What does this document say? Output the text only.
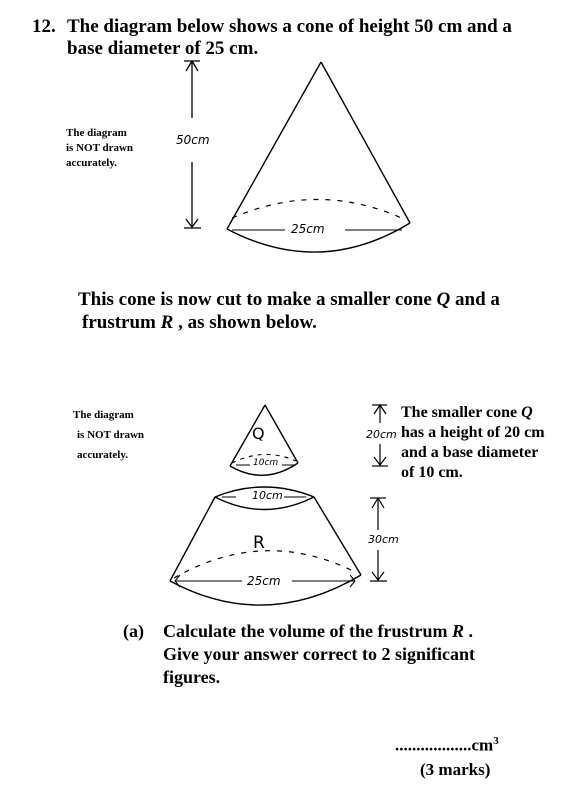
12. The diagram below shows a cone of height 50 cm and a
base diameter of 25 cm.
The diagram
is NOT drawn
accurately.
50cm
25cm
This cone is now cut to make a smaller cone Q and a
frustrum R , as shown below.
The diagram
is NOT drawn
accurately.
Q
10cm
10cm
R
25cm
20cm
30cm
The smaller cone Q
has a height of 20 cm
and a base diameter
of 10 cm.
(a) Calculate the volume of the frustrum R .
Give your answer correct to 2 significant
figures.
$..................cm^3$
(3 marks)
